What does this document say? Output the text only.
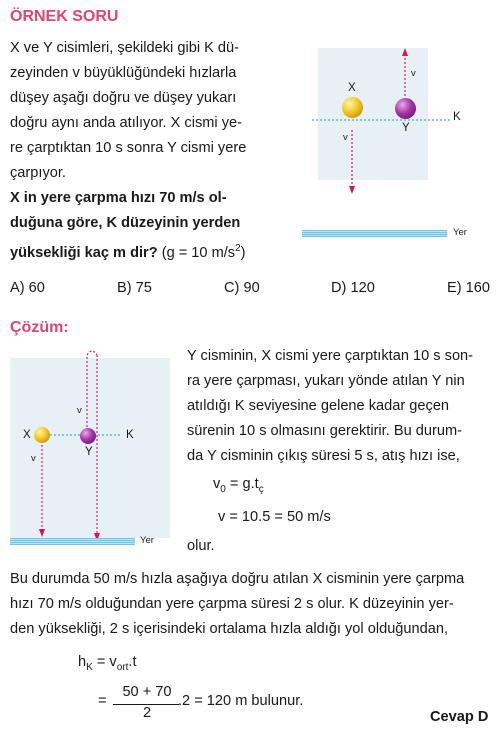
ÖRNEK SORU
X ve Y cisimleri, şekildeki gibi K dü-
zeyinden v büyüklüğündeki hızlarla
düşey aşağı doğru ve düşey yukarı
doğru aynı anda atılıyor. X cismi ye-
re çarptıktan 10 s sonra Y cismi yere
çarpıyor.
X in yere çarpma hızı 70 m/s ol-
duğuna göre, K düzeyinin yerden
yüksekliği kaç m dir? (g = 10 $m/s^2$)
X
Y
K
v
v
Yer
A) 60	B) 75	C) 90	D) 120	E) 160
Çözüm:
X
Y
K
v
v
Yer
Y cisminin, X cismi yere çarptıktan 10 s son-
ra yere çarpması, yukarı yönde atılan Y nin
atıldığı K seviyesine gelene kadar geçen
sürenin 10 s olmasını gerektirir. Bu durum-
da Y cisminin çıkış süresi 5 s, atış hızı ise,
$v_0 = g.t_ç$
v = 10.5 = 50 m/s
olur.
Bu durumda 50 m/s hızla aşağıya doğru atılan X cisminin yere çarpma
hızı 70 m/s olduğundan yere çarpma süresi 2 s olur. K düzeyinin yer-
den yüksekliği, 2 s içerisindeki ortalama hızla aldığı yol olduğundan,
$h_K = v_{ort}.t$
=
50 + 70
2
.2 = 120 m bulunur.
Cevap D
